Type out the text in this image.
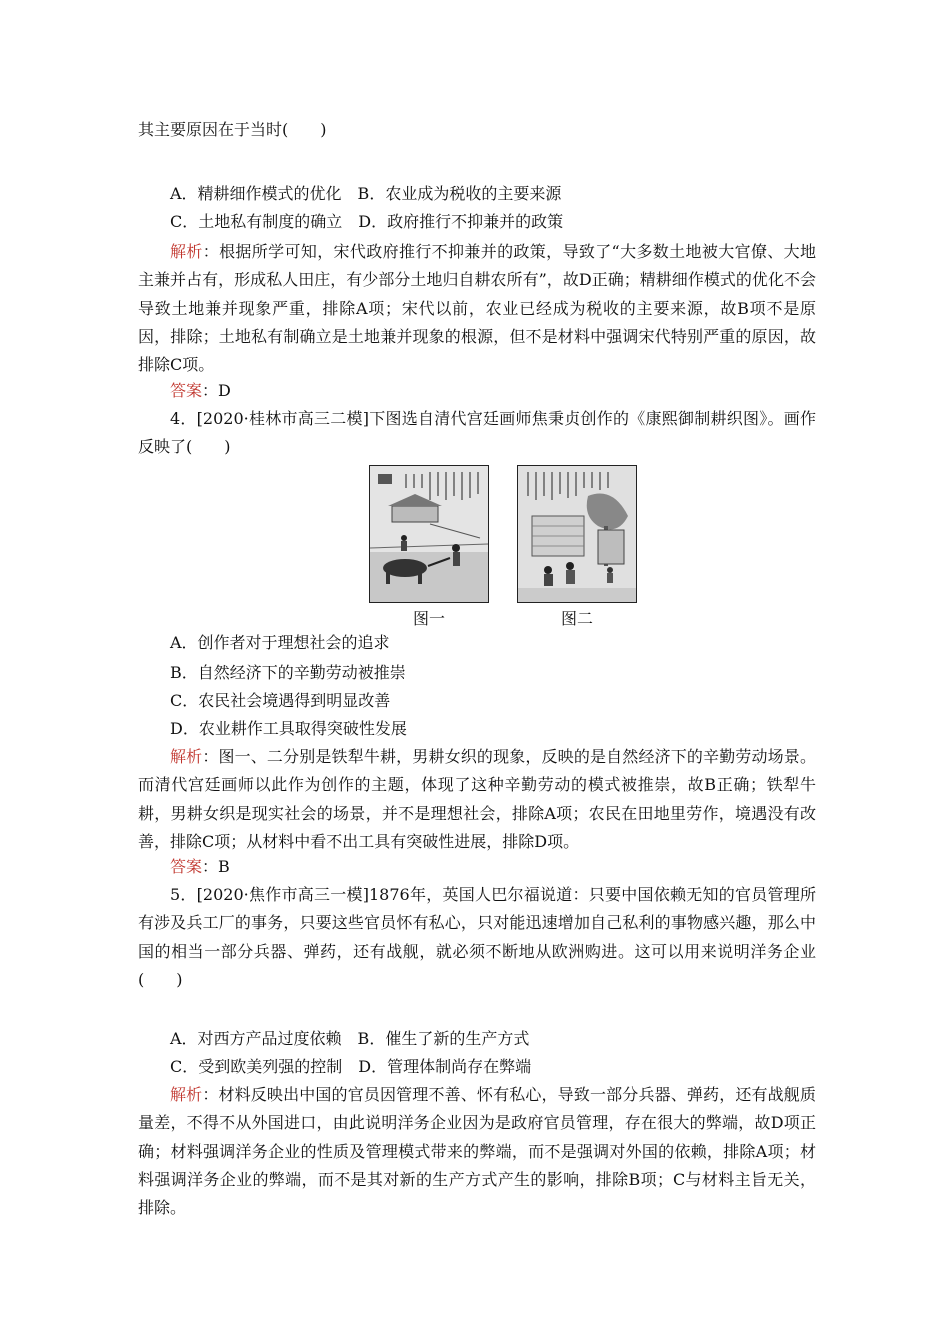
其主要原因在于当时(　　)
A．精耕细作模式的优化　B．农业成为税收的主要来源
C．土地私有制度的确立　D．政府推行不抑兼并的政策

解析：根据所学可知，宋代政府推行不抑兼并的政策，导致了“大多数土地被大官僚、大地主兼并占有，形成私人田庄，有少部分土地归自耕农所有”，故D正确；精耕细作模式的优化不会导致土地兼并现象严重，排除A项；宋代以前，农业已经成为税收的主要来源，故B项不是原因，排除；土地私有制确立是土地兼并现象的根源，但不是材料中强调宋代特别严重的原因，故排除C项。

答案：D

4．[2020·桂林市高三二模]下图选自清代宫廷画师焦秉贞创作的《康熙御制耕织图》。画作反映了(　　)

图一	图二
A．创作者对于理想社会的追求
B．自然经济下的辛勤劳动被推崇
C．农民社会境遇得到明显改善
D．农业耕作工具取得突破性发展

解析：图一、二分别是铁犁牛耕，男耕女织的现象，反映的是自然经济下的辛勤劳动场景。而清代宫廷画师以此作为创作的主题，体现了这种辛勤劳动的模式被推崇，故B正确；铁犁牛耕，男耕女织是现实社会的场景，并不是理想社会，排除A项；农民在田地里劳作，境遇没有改善，排除C项；从材料中看不出工具有突破性进展，排除D项。

答案：B

5．[2020·焦作市高三一模]1876年，英国人巴尔福说道：只要中国依赖无知的官员管理所有涉及兵工厂的事务，只要这些官员怀有私心，只对能迅速增加自己私利的事物感兴趣，那么中国的相当一部分兵器、弹药，还有战舰，就必须不断地从欧洲购进。这可以用来说明洋务企业(　　)

A．对西方产品过度依赖　B．催生了新的生产方式
C．受到欧美列强的控制　D．管理体制尚存在弊端

解析：材料反映出中国的官员因管理不善、怀有私心，导致一部分兵器、弹药，还有战舰质量差，不得不从外国进口，由此说明洋务企业因为是政府官员管理，存在很大的弊端，故D项正确；材料强调洋务企业的性质及管理模式带来的弊端，而不是强调对外国的依赖，排除A项；材料强调洋务企业的弊端，而不是其对新的生产方式产生的影响，排除B项；C与材料主旨无关，排除。
